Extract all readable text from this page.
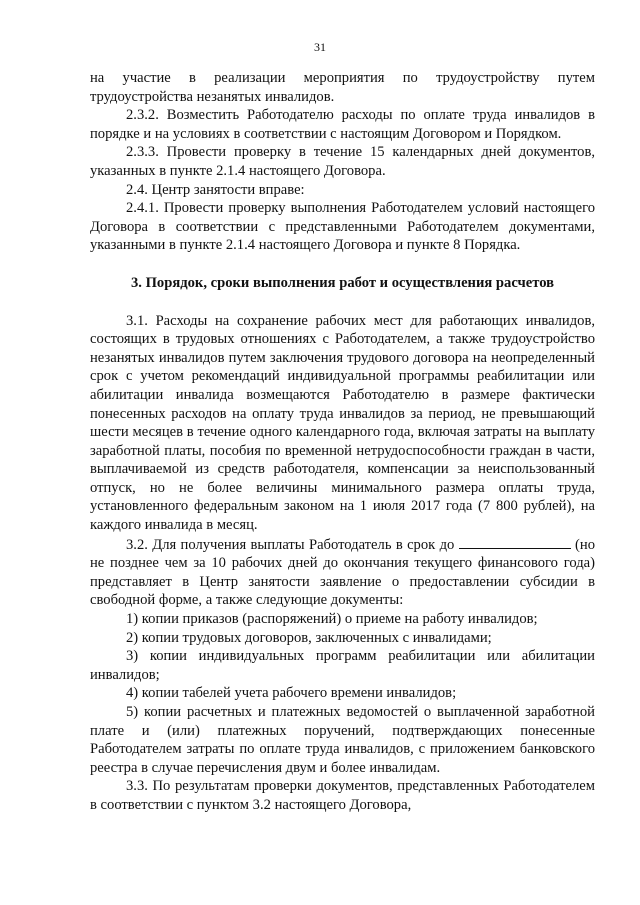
31

на участие в реализации мероприятия по трудоустройству путем трудоустройства незанятых инвалидов.

2.3.2. Возместить Работодателю расходы по оплате труда инвалидов в порядке и на условиях в соответствии с настоящим Договором и Порядком.

2.3.3. Провести проверку в течение 15 календарных дней документов, указанных в пункте 2.1.4 настоящего Договора.

2.4. Центр занятости вправе:

2.4.1. Провести проверку выполнения Работодателем условий настоящего Договора в соответствии с представленными Работодателем документами, указанными в пункте 2.1.4 настоящего Договора и пункте 8 Порядка.

3. Порядок, сроки выполнения работ и осуществления расчетов

3.1. Расходы на сохранение рабочих мест для работающих инвалидов, состоящих в трудовых отношениях с Работодателем, а также трудоустройство незанятых инвалидов путем заключения трудового договора на неопределенный срок с учетом рекомендаций индивидуальной программы реабилитации или абилитации инвалида возмещаются Работодателю в размере фактически понесенных расходов на оплату труда инвалидов за период, не превышающий шести месяцев в течение одного календарного года, включая затраты на выплату заработной платы, пособия по временной нетрудоспособности граждан в части, выплачиваемой из средств работодателя, компенсации за неиспользованный отпуск, но не более величины минимального размера оплаты труда, установленного федеральным законом на 1 июля 2017 года (7 800 рублей), на каждого инвалида в месяц.

3.2. Для получения выплаты Работодатель в срок до	(но не позднее чем за 10 рабочих дней до окончания текущего финансового года) представляет в Центр занятости заявление о предоставлении субсидии в свободной форме, а также следующие документы:

1) копии приказов (распоряжений) о приеме на работу инвалидов;

2) копии трудовых договоров, заключенных с инвалидами;

3) копии индивидуальных программ реабилитации или абилитации инвалидов;

4) копии табелей учета рабочего времени инвалидов;

5) копии расчетных и платежных ведомостей о выплаченной заработной плате и (или) платежных поручений, подтверждающих понесенные Работодателем затраты по оплате труда инвалидов, с приложением банковского реестра в случае перечисления двум и более инвалидам.

3.3. По результатам проверки документов, представленных Работодателем в соответствии с пунктом 3.2 настоящего Договора,
